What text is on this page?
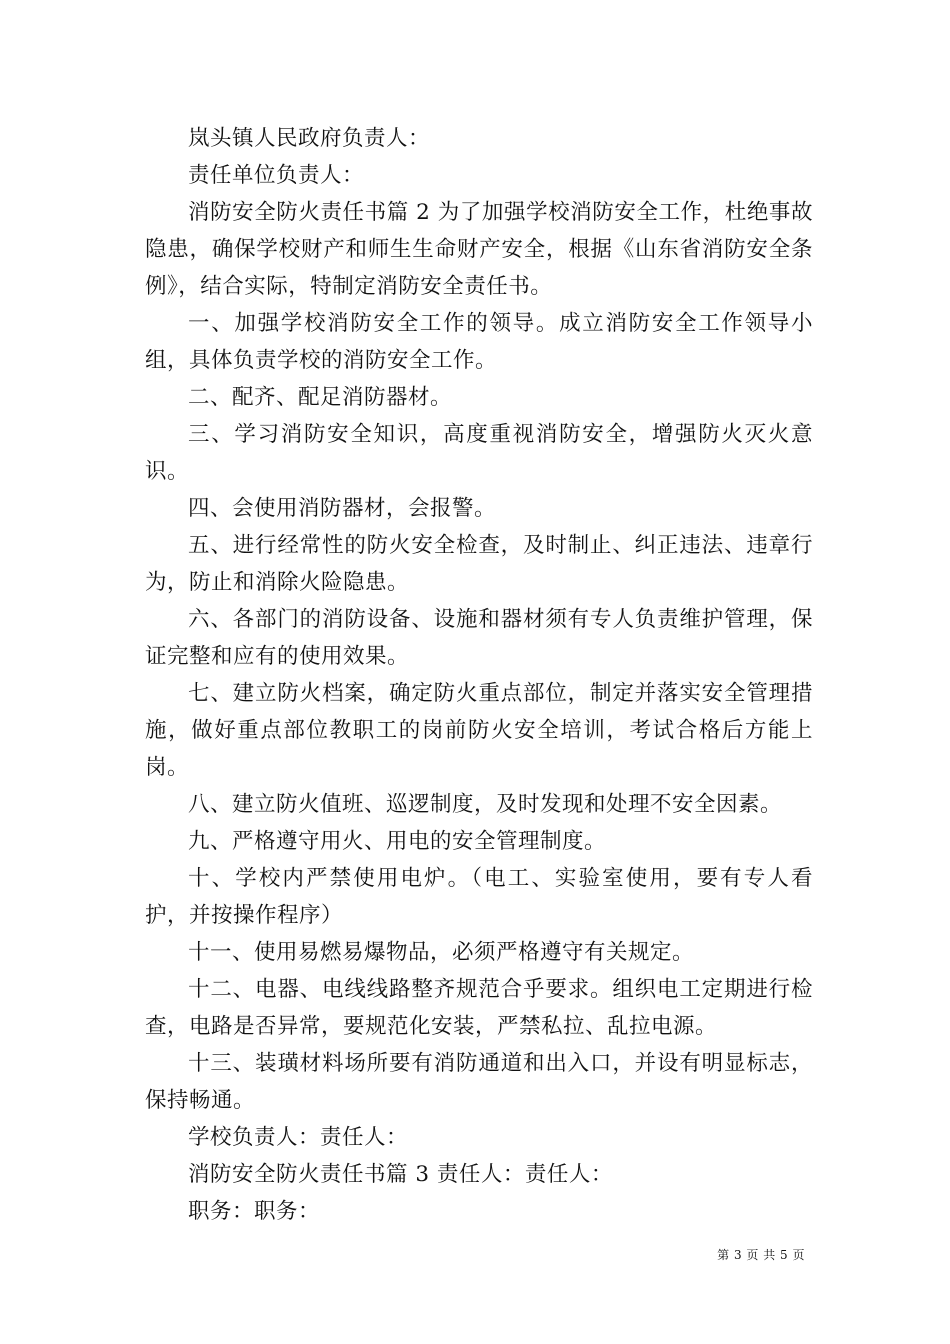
岚头镇人民政府负责人：

责任单位负责人：

消防安全防火责任书篇 2 为了加强学校消防安全工作，杜绝事故隐患，确保学校财产和师生生命财产安全，根据《山东省消防安全条例》，结合实际，特制定消防安全责任书。

一、加强学校消防安全工作的领导。成立消防安全工作领导小组，具体负责学校的消防安全工作。

二、配齐、配足消防器材。

三、学习消防安全知识，高度重视消防安全，增强防火灭火意识。

四、会使用消防器材，会报警。

五、进行经常性的防火安全检查，及时制止、纠正违法、违章行为，防止和消除火险隐患。

六、各部门的消防设备、设施和器材须有专人负责维护管理，保证完整和应有的使用效果。

七、建立防火档案，确定防火重点部位，制定并落实安全管理措施，做好重点部位教职工的岗前防火安全培训，考试合格后方能上岗。

八、建立防火值班、巡逻制度，及时发现和处理不安全因素。

九、严格遵守用火、用电的安全管理制度。

十、学校内严禁使用电炉。（电工、实验室使用，要有专人看护，并按操作程序）

十一、使用易燃易爆物品，必须严格遵守有关规定。

十二、电器、电线线路整齐规范合乎要求。组织电工定期进行检查，电路是否异常，要规范化安装，严禁私拉、乱拉电源。

十三、装璜材料场所要有消防通道和出入口，并设有明显标志，保持畅通。

学校负责人：责任人：

消防安全防火责任书篇 3 责任人：责任人：

职务：职务：

第 3 页 共 5 页
